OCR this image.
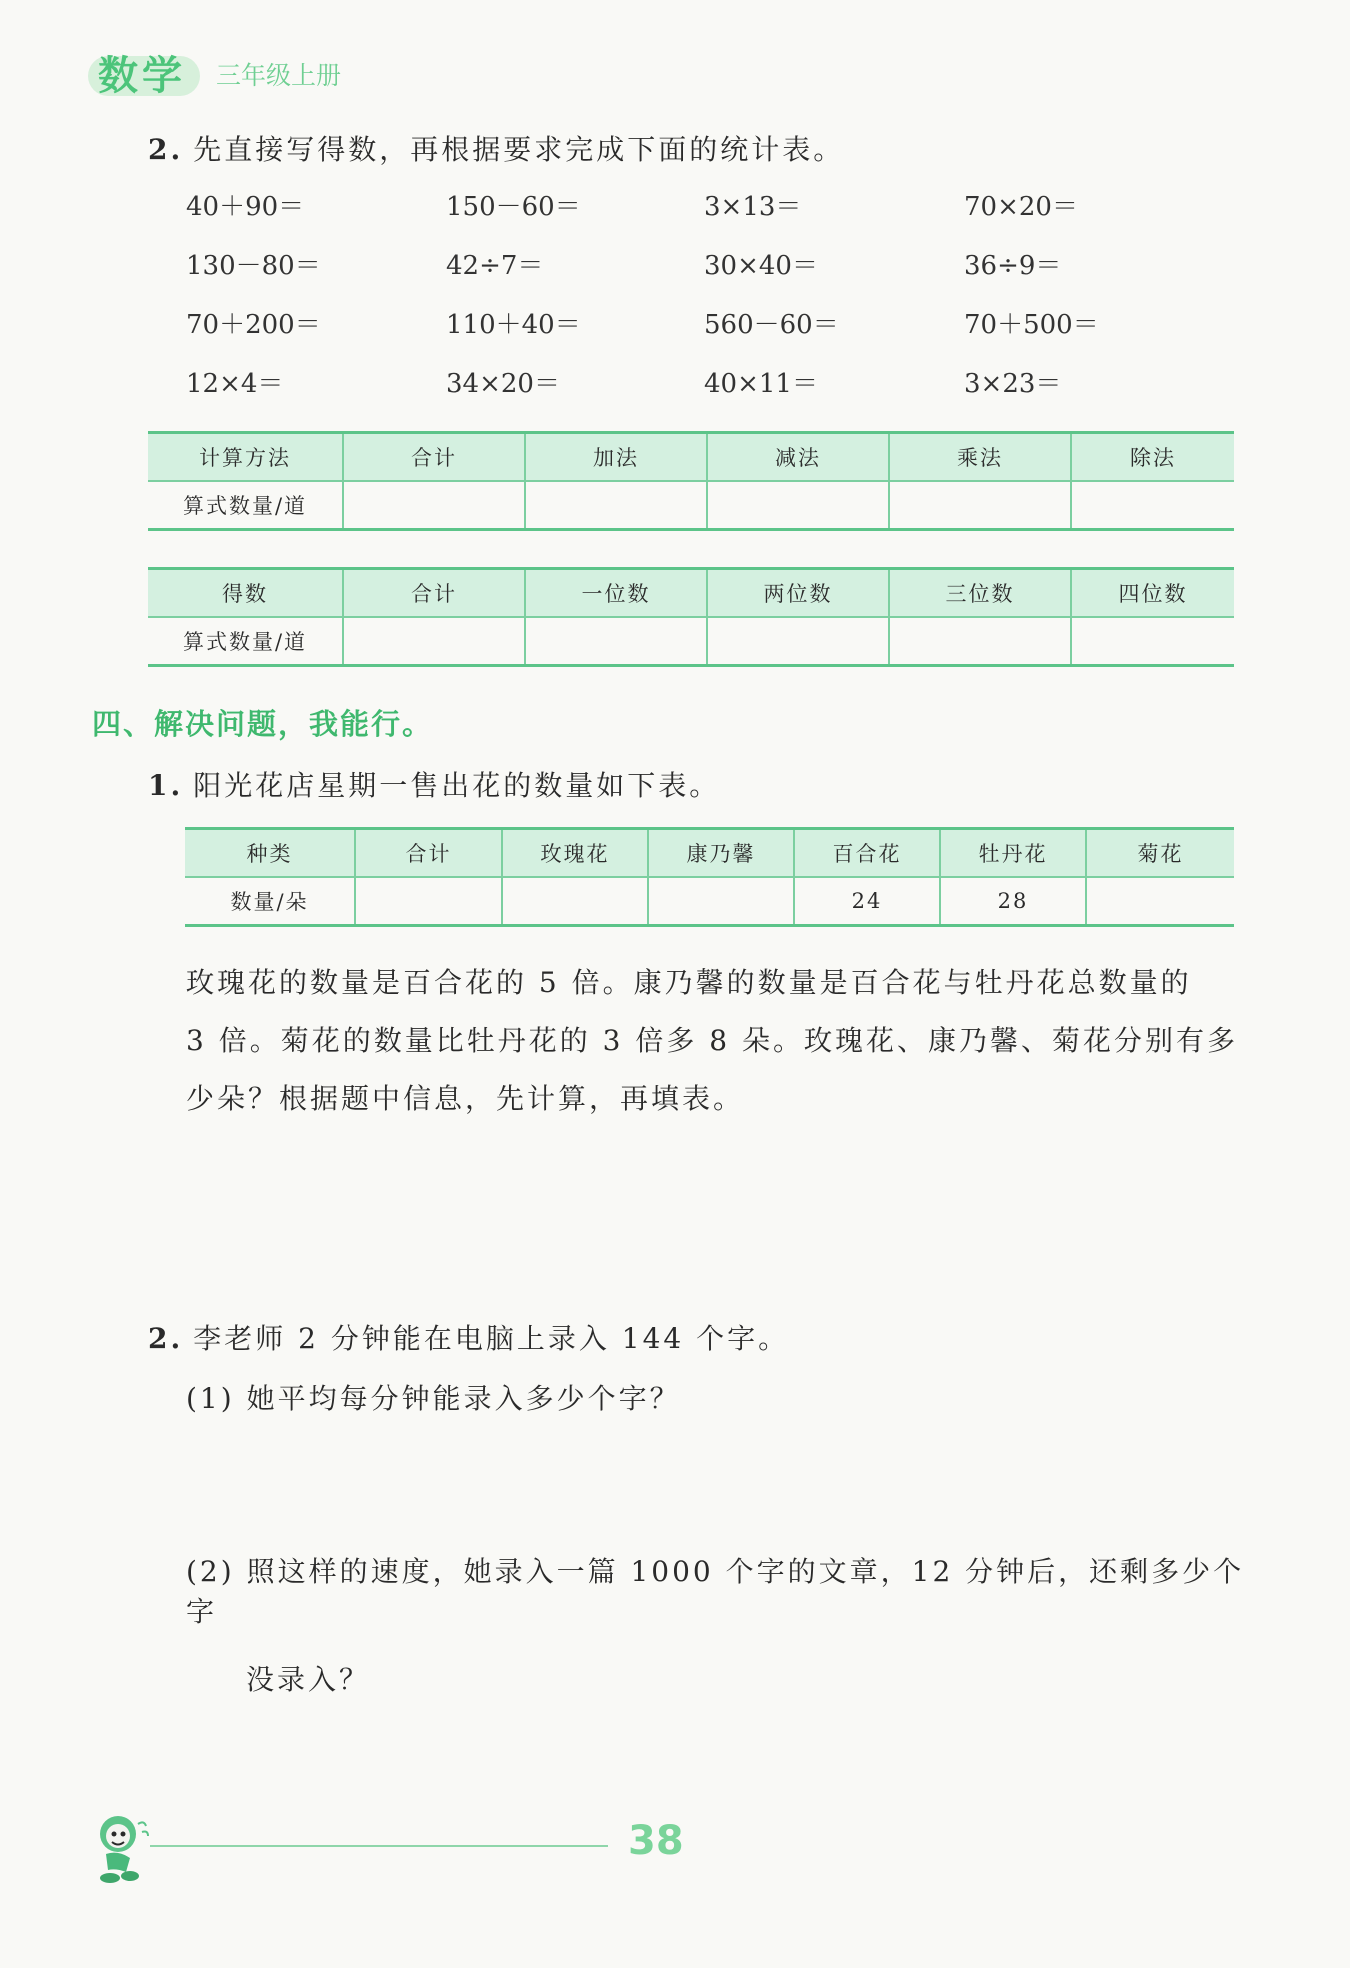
数学 三年级上册
2. 先直接写得数，再根据要求完成下面的统计表。
40＋90＝	150－60＝	3×13＝	70×20＝
130－80＝	42÷7＝	30×40＝	36÷9＝
70＋200＝	110＋40＝	560－60＝	70＋500＝
12×4＝	34×20＝	40×11＝	3×23＝
计算方法	合计	加法	减法	乘法	除法
算式数量/道					
得数	合计	一位数	两位数	三位数	四位数
算式数量/道					
四、解决问题，我能行。
1. 阳光花店星期一售出花的数量如下表。
种类	合计	玫瑰花	康乃馨	百合花	牡丹花	菊花
数量/朵				24	28	
玫瑰花的数量是百合花的 5 倍。康乃馨的数量是百合花与牡丹花总数量的
3 倍。菊花的数量比牡丹花的 3 倍多 8 朵。玫瑰花、康乃馨、菊花分别有多
少朵？根据题中信息，先计算，再填表。
2. 李老师 2 分钟能在电脑上录入 144 个字。
(1) 她平均每分钟能录入多少个字？
(2) 照这样的速度，她录入一篇 1000 个字的文章，12 分钟后，还剩多少个字
没录入？
38
